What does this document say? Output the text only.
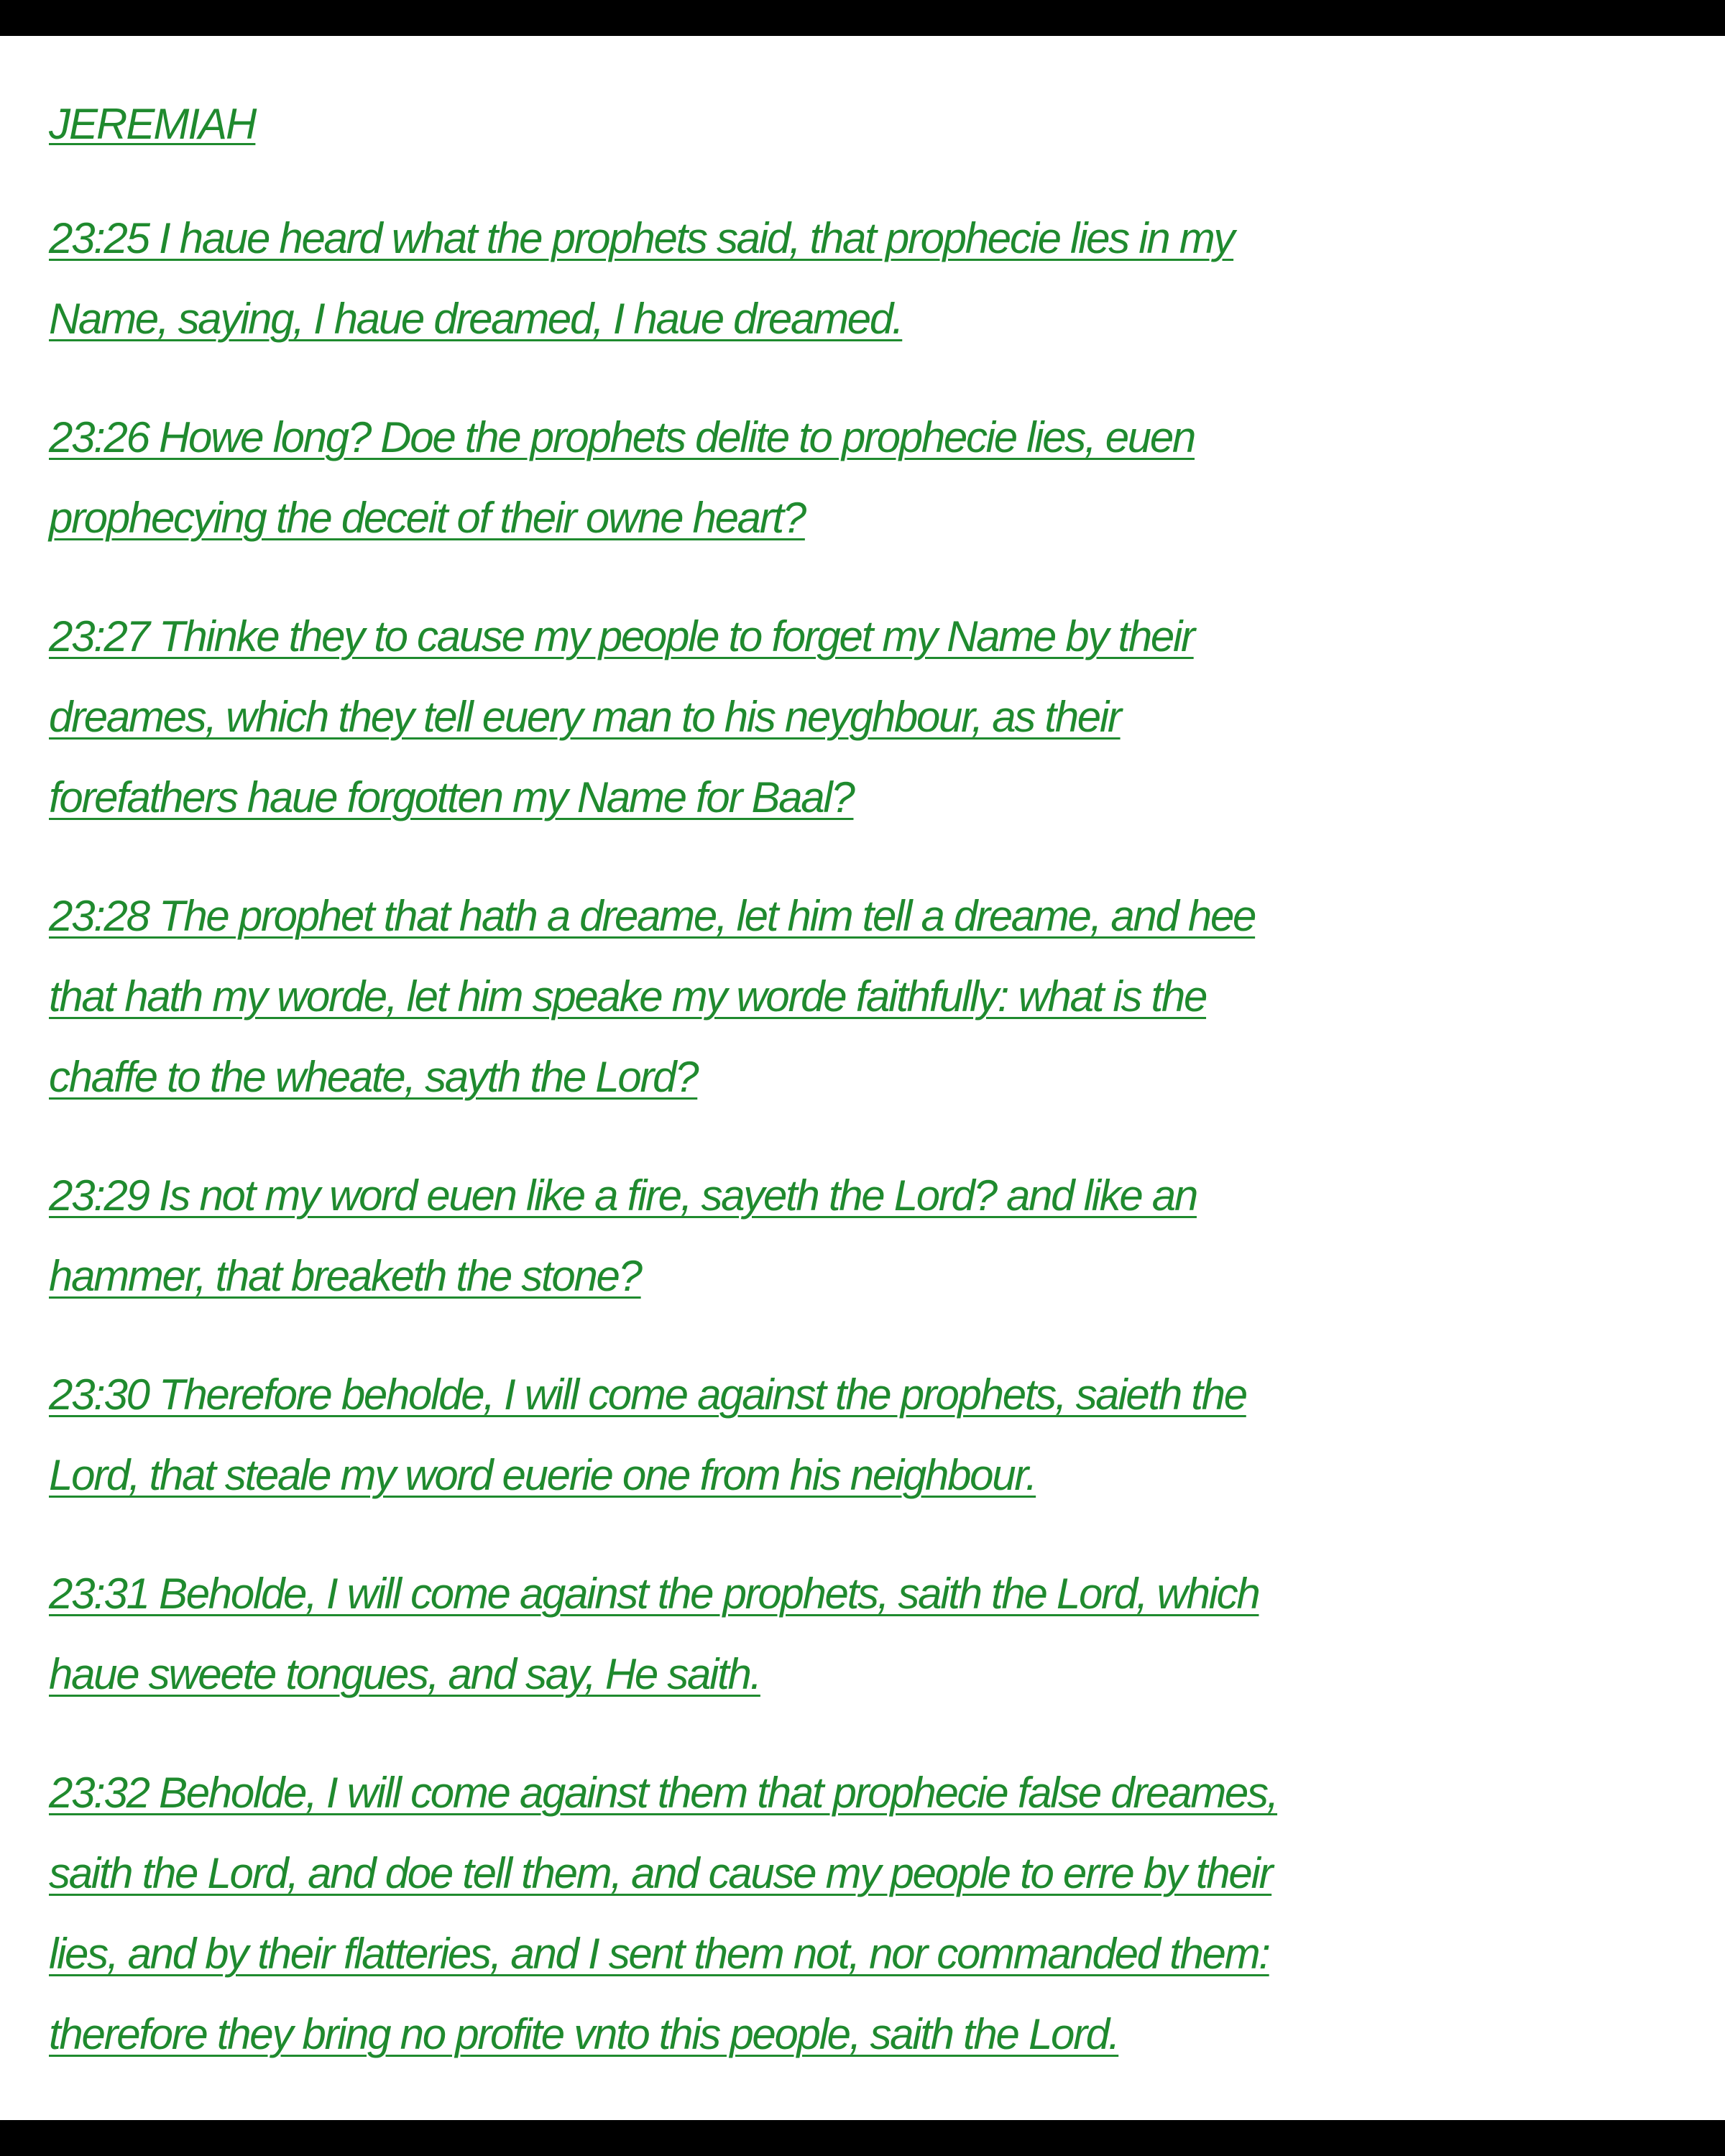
JEREMIAH

23:25 I haue heard what the prophets said, that prophecie lies in my
Name, saying, I haue dreamed, I haue dreamed.

23:26 Howe long? Doe the prophets delite to prophecie lies, euen
prophecying the deceit of their owne heart?

23:27 Thinke they to cause my people to forget my Name by their
dreames, which they tell euery man to his neyghbour, as their
forefathers haue forgotten my Name for Baal?

23:28 The prophet that hath a dreame, let him tell a dreame, and hee
that hath my worde, let him speake my worde faithfully: what is the
chaffe to the wheate, sayth the Lord?

23:29 Is not my word euen like a fire, sayeth the Lord? and like an
hammer, that breaketh the stone?

23:30 Therefore beholde, I will come against the prophets, saieth the
Lord, that steale my word euerie one from his neighbour.

23:31 Beholde, I will come against the prophets, saith the Lord, which
haue sweete tongues, and say, He saith.

23:32 Beholde, I will come against them that prophecie false dreames,
saith the Lord, and doe tell them, and cause my people to erre by their
lies, and by their flatteries, and I sent them not, nor commanded them:
therefore they bring no profite vnto this people, saith the Lord.
